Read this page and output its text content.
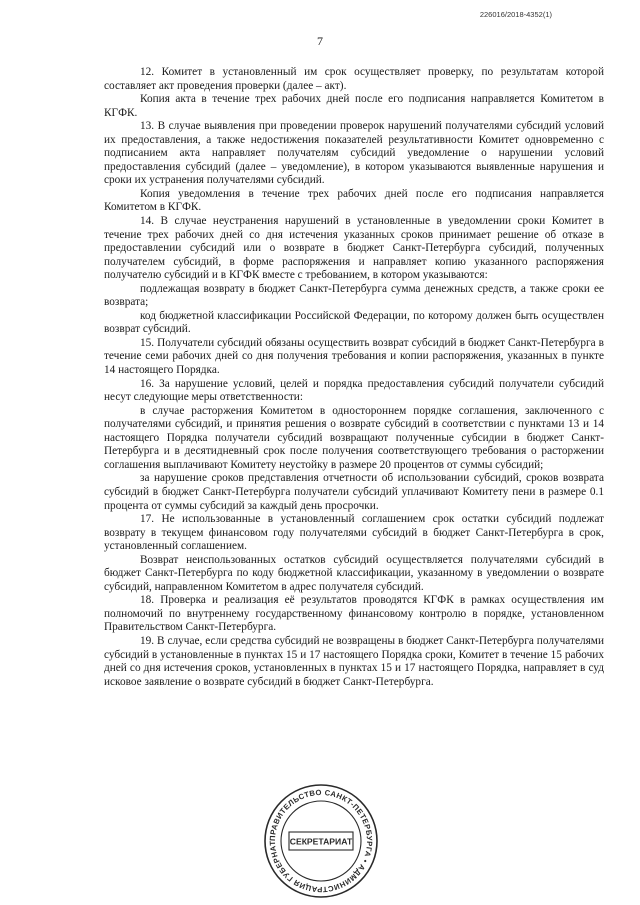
226016/2018-4352(1)
7

12. Комитет в установленный им срок осуществляет проверку, по результатам которой составляет акт проведения проверки (далее – акт).

Копия акта в течение трех рабочих дней после его подписания направляется Комитетом в КГФК.

13. В случае выявления при проведении проверок нарушений получателями субсидий условий их предоставления, а также недостижения показателей результативности Комитет одновременно с подписанием акта направляет получателям субсидий уведомление о нарушении условий предоставления субсидий (далее – уведомление), в котором указываются выявленные нарушения и сроки их устранения получателями субсидий.

Копия уведомления в течение трех рабочих дней после его подписания направляется Комитетом в КГФК.

14. В случае неустранения нарушений в установленные в уведомлении сроки Комитет в течение трех рабочих дней со дня истечения указанных сроков принимает решение об отказе в предоставлении субсидий или о возврате в бюджет Санкт-Петербурга субсидий, полученных получателем субсидий, в форме распоряжения и направляет копию указанного распоряжения получателю субсидий и в КГФК вместе с требованием, в котором указываются:

подлежащая возврату в бюджет Санкт-Петербурга сумма денежных средств, а также сроки ее возврата;

код бюджетной классификации Российской Федерации, по которому должен быть осуществлен возврат субсидий.

15. Получатели субсидий обязаны осуществить возврат субсидий в бюджет Санкт-Петербурга в течение семи рабочих дней со дня получения требования и копии распоряжения, указанных в пункте 14 настоящего Порядка.

16. За нарушение условий, целей и порядка предоставления субсидий получатели субсидий несут следующие меры ответственности:

в случае расторжения Комитетом в одностороннем порядке соглашения, заключенного с получателями субсидий, и принятия решения о возврате субсидий в соответствии с пунктами 13 и 14 настоящего Порядка получатели субсидий возвращают полученные субсидии в бюджет Санкт-Петербурга и в десятидневный срок после получения соответствующего требования о расторжении соглашения выплачивают Комитету неустойку в размере 20 процентов от суммы субсидий;

за нарушение сроков представления отчетности об использовании субсидий, сроков возврата субсидий в бюджет Санкт-Петербурга получатели субсидий уплачивают Комитету пени в размере 0.1 процента от суммы субсидий за каждый день просрочки.

17. Не использованные в установленный соглашением срок остатки субсидий подлежат возврату в текущем финансовом году получателями субсидий в бюджет Санкт-Петербурга в срок, установленный соглашением.

Возврат неиспользованных остатков субсидий осуществляется получателями субсидий в бюджет Санкт-Петербурга по коду бюджетной классификации, указанному в уведомлении о возврате субсидий, направленном Комитетом в адрес получателя субсидий.

18. Проверка и реализация её результатов проводятся КГФК в рамках осуществления им полномочий по внутреннему государственному финансовому контролю в порядке, установленном Правительством Санкт-Петербурга.

19. В случае, если средства субсидий не возвращены в бюджет Санкт-Петербурга получателями субсидий в установленные в пунктах 15 и 17 настоящего Порядка сроки, Комитет в течение 15 рабочих дней со дня истечения сроков, установленных в пунктах 15 и 17 настоящего Порядка, направляет в суд исковое заявление о возврате субсидий в бюджет Санкт-Петербурга.

ПРАВИТЕЛЬСТВО САНКТ-ПЕТЕРБУРГА • АДМИНИСТРАЦИЯ ГУБЕРНАТ	СЕКРЕТАРИАТ
